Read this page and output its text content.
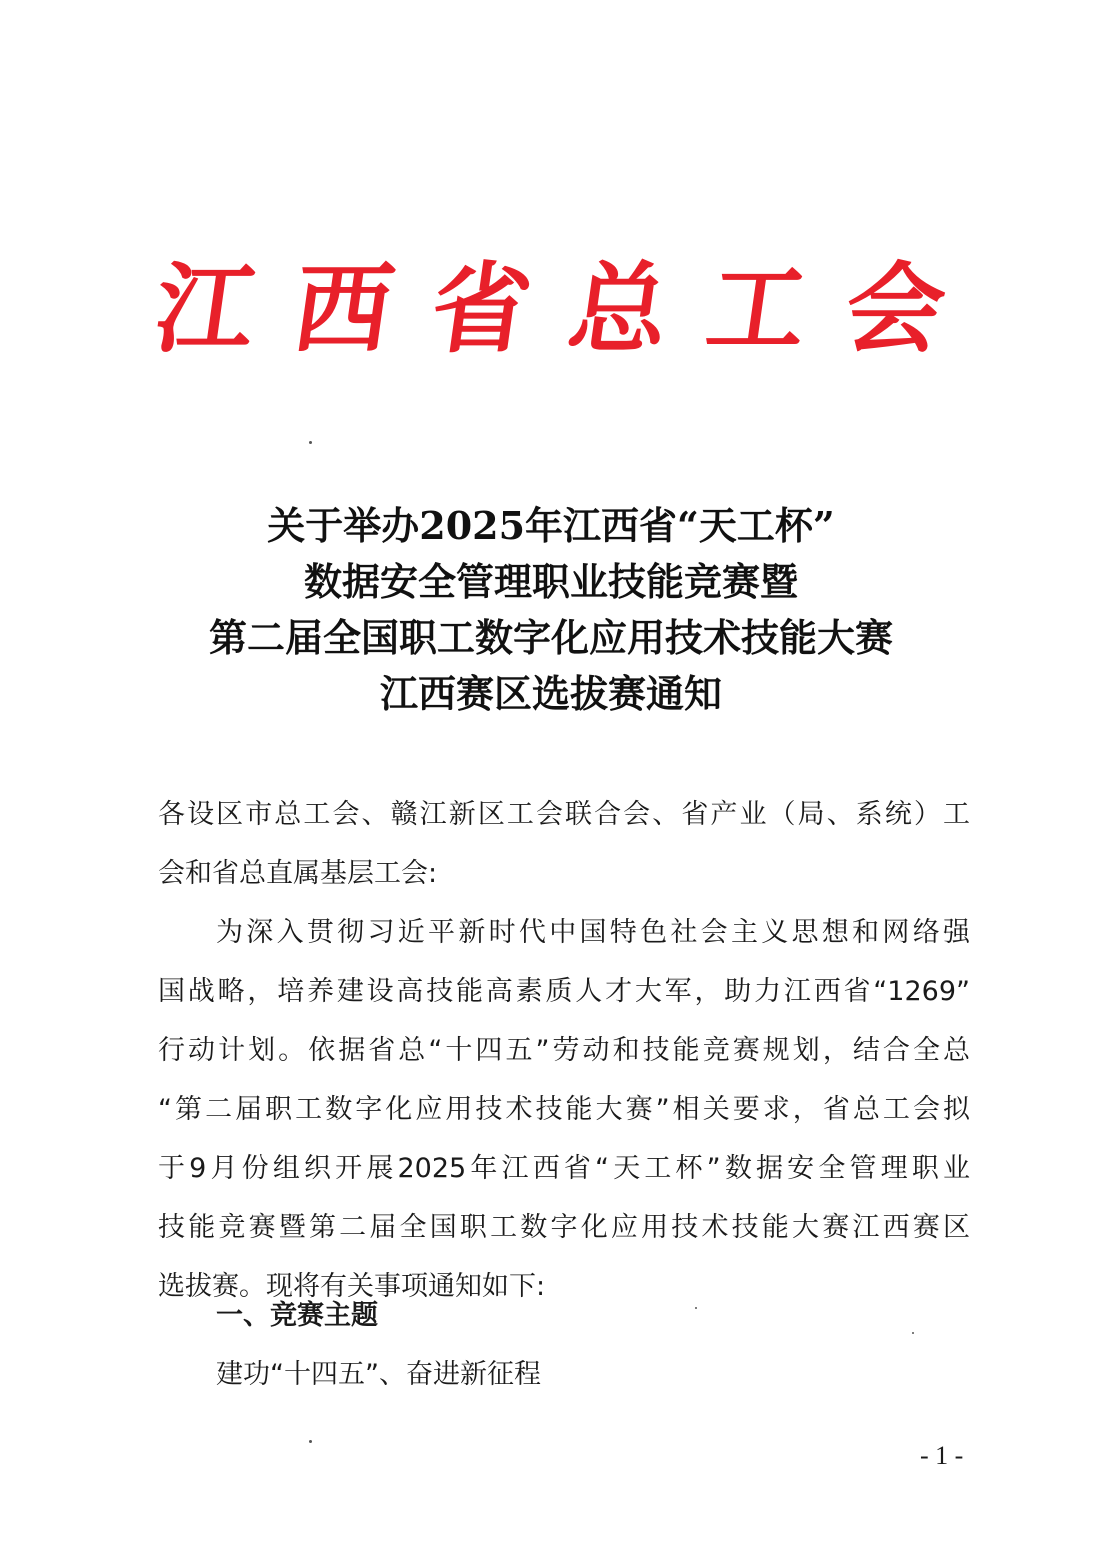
江 西 省 总 工 会
关于举办2025年江西省“天工杯”
数据安全管理职业技能竞赛暨
第二届全国职工数字化应用技术技能大赛
江西赛区选拔赛通知
各设区市总工会、赣江新区工会联合会、省产业（局、系统）工
会和省总直属基层工会:
为深入贯彻习近平新时代中国特色社会主义思想和网络强
国战略，培养建设高技能高素质人才大军，助力江西省“1269”
行动计划。依据省总“十四五”劳动和技能竞赛规划，结合全总
“第二届职工数字化应用技术技能大赛”相关要求，省总工会拟
于9月份组织开展2025年江西省“天工杯”数据安全管理职业
技能竞赛暨第二届全国职工数字化应用技术技能大赛江西赛区
选拔赛。现将有关事项通知如下:
一、竞赛主题
建功“十四五”、奋进新征程
- 1 -
